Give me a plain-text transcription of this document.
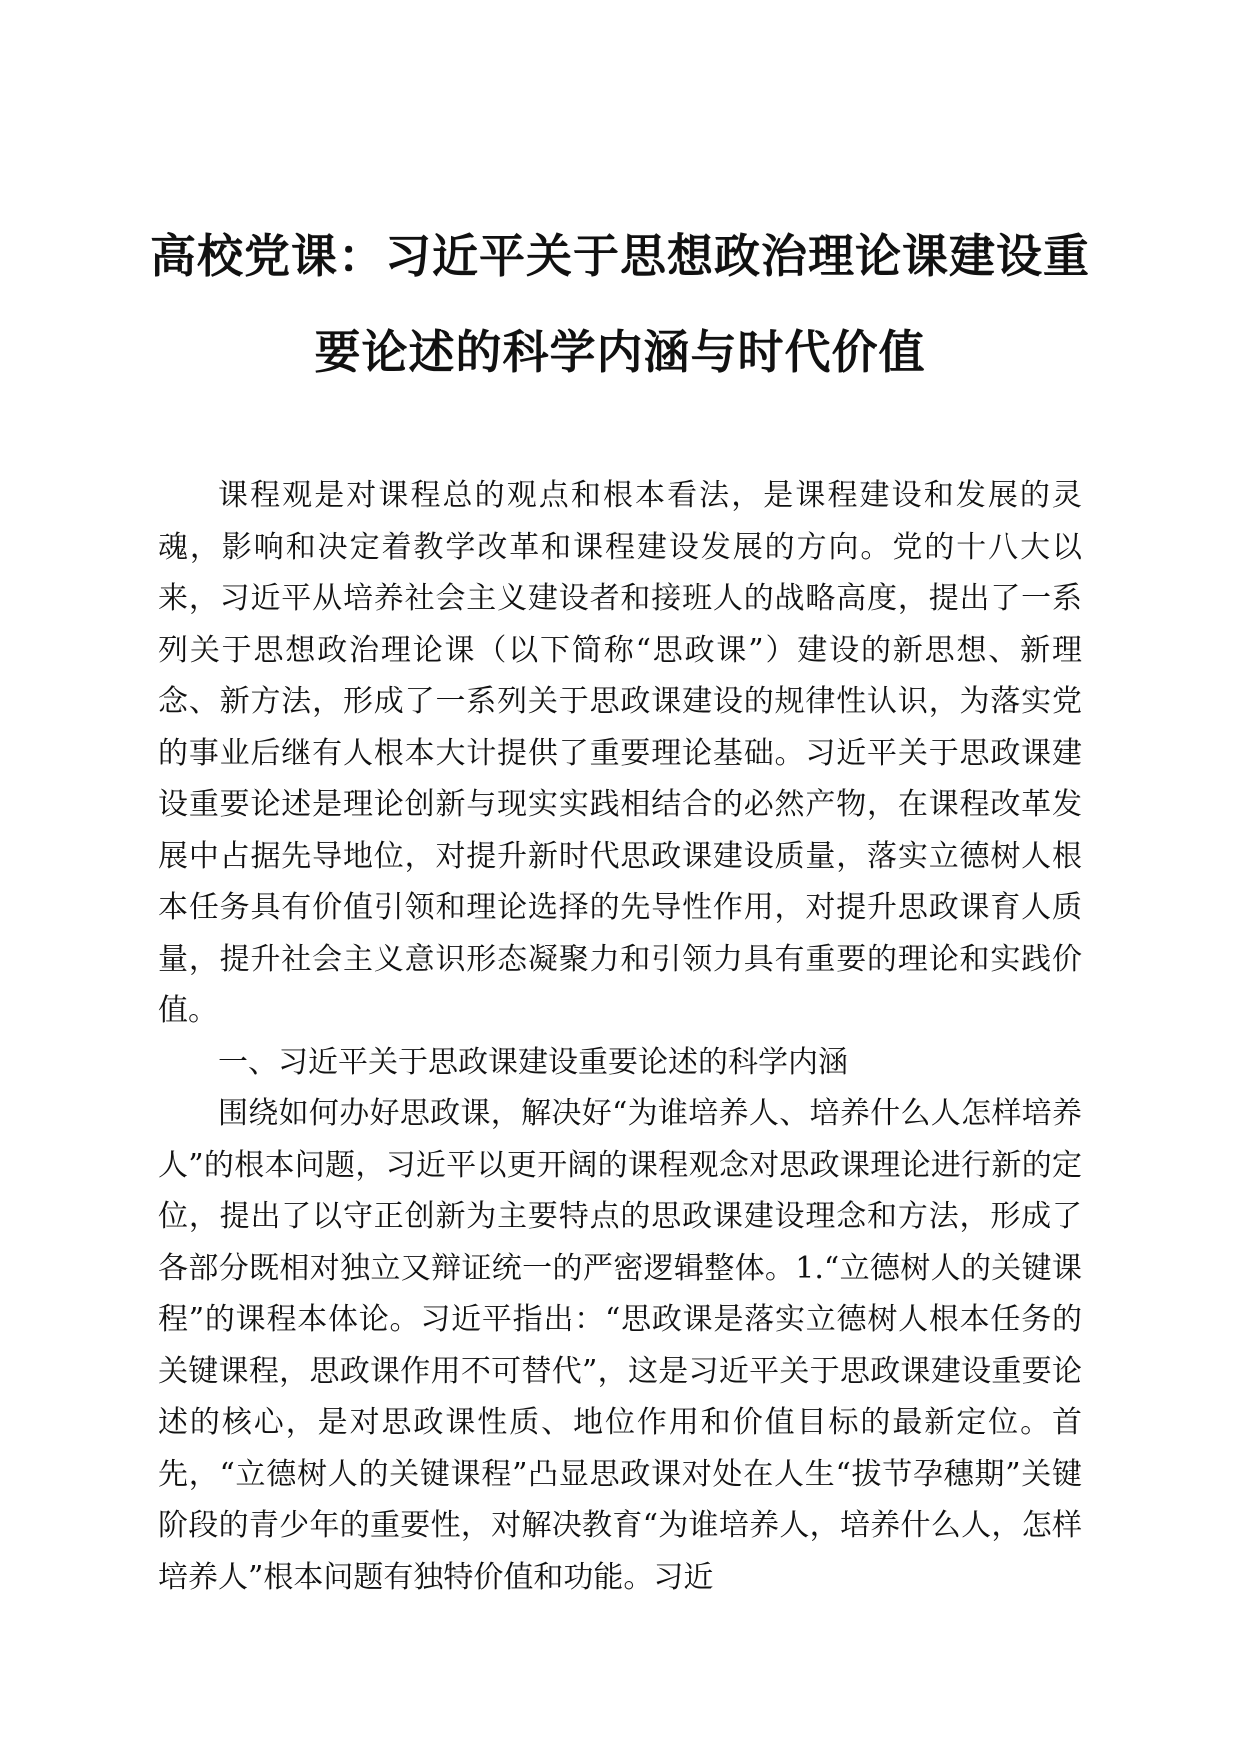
高校党课：习近平关于思想政治理论课建设重
要论述的科学内涵与时代价值

课程观是对课程总的观点和根本看法，是课程建设和发展的灵魂，影响和决定着教学改革和课程建设发展的方向。党的十八大以来，习近平从培养社会主义建设者和接班人的战略高度，提出了一系列关于思想政治理论课（以下简称“思政课”）建设的新思想、新理念、新方法，形成了一系列关于思政课建设的规律性认识，为落实党的事业后继有人根本大计提供了重要理论基础。习近平关于思政课建设重要论述是理论创新与现实实践相结合的必然产物，在课程改革发展中占据先导地位，对提升新时代思政课建设质量，落实立德树人根本任务具有价值引领和理论选择的先导性作用，对提升思政课育人质量，提升社会主义意识形态凝聚力和引领力具有重要的理论和实践价值。

一、习近平关于思政课建设重要论述的科学内涵

围绕如何办好思政课，解决好“为谁培养人、培养什么人怎样培养人”的根本问题，习近平以更开阔的课程观念对思政课理论进行新的定位，提出了以守正创新为主要特点的思政课建设理念和方法，形成了各部分既相对独立又辩证统一的严密逻辑整体。1.“立德树人的关键课程”的课程本体论。习近平指出：“思政课是落实立德树人根本任务的关键课程，思政课作用不可替代”，这是习近平关于思政课建设重要论述的核心，是对思政课性质、地位作用和价值目标的最新定位。首先，“立德树人的关键课程”凸显思政课对处在人生“拔节孕穗期”关键阶段的青少年的重要性，对解决教育“为谁培养人，培养什么人，怎样培养人”根本问题有独特价值和功能。习近
